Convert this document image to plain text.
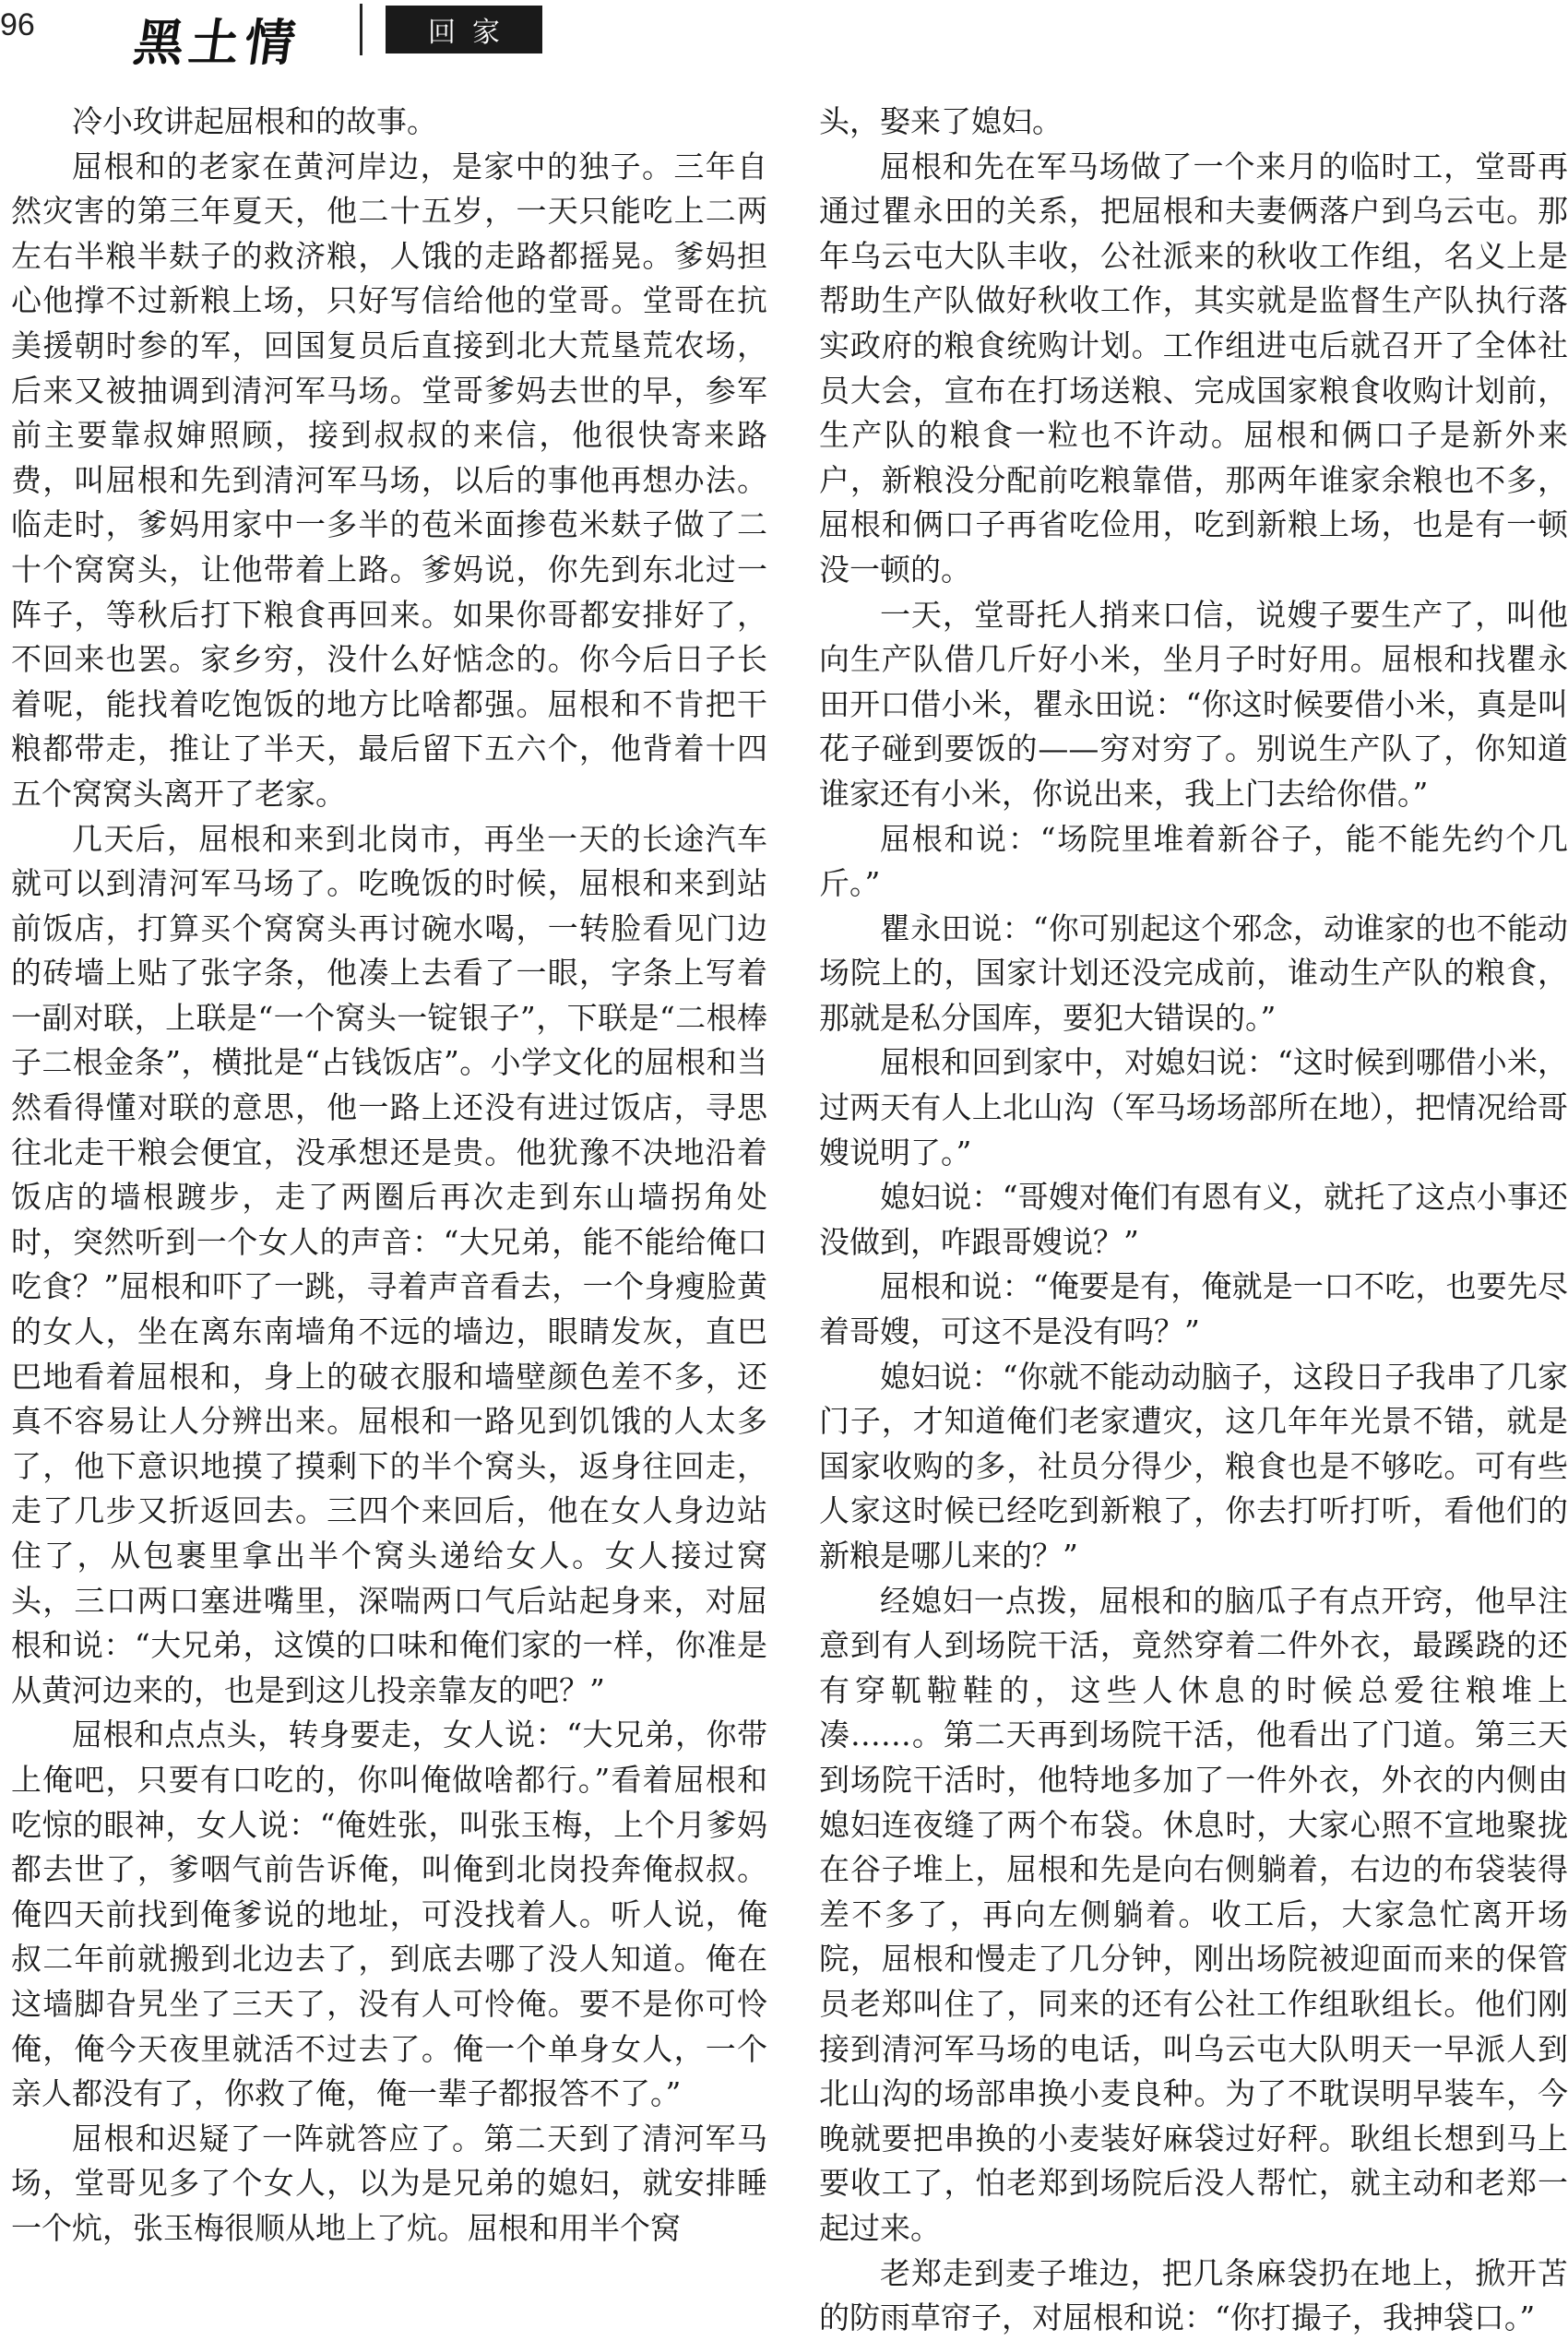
96 黑土情	回家

冷小玫讲起屈根和的故事。

屈根和的老家在黄河岸边，是家中的独子。三年自然灾害的第三年夏天，他二十五岁，一天只能吃上二两左右半粮半麸子的救济粮，人饿的走路都摇晃。爹妈担心他撑不过新粮上场，只好写信给他的堂哥。堂哥在抗美援朝时参的军，回国复员后直接到北大荒垦荒农场，后来又被抽调到清河军马场。堂哥爹妈去世的早，参军前主要靠叔婶照顾，接到叔叔的来信，他很快寄来路费，叫屈根和先到清河军马场，以后的事他再想办法。临走时，爹妈用家中一多半的苞米面掺苞米麸子做了二十个窝窝头，让他带着上路。爹妈说，你先到东北过一阵子，等秋后打下粮食再回来。如果你哥都安排好了，不回来也罢。家乡穷，没什么好惦念的。你今后日子长着呢，能找着吃饱饭的地方比啥都强。屈根和不肯把干粮都带走，推让了半天，最后留下五六个，他背着十四五个窝窝头离开了老家。

几天后，屈根和来到北岗市，再坐一天的长途汽车就可以到清河军马场了。吃晚饭的时候，屈根和来到站前饭店，打算买个窝窝头再讨碗水喝，一转脸看见门边的砖墙上贴了张字条，他凑上去看了一眼，字条上写着一副对联，上联是“一个窝头一锭银子”，下联是“二根棒子二根金条”，横批是“占钱饭店”。小学文化的屈根和当然看得懂对联的意思，他一路上还没有进过饭店，寻思往北走干粮会便宜，没承想还是贵。他犹豫不决地沿着饭店的墙根踱步，走了两圈后再次走到东山墙拐角处时，突然听到一个女人的声音：“大兄弟，能不能给俺口吃食？”屈根和吓了一跳，寻着声音看去，一个身瘦脸黄的女人，坐在离东南墙角不远的墙边，眼睛发灰，直巴巴地看着屈根和，身上的破衣服和墙壁颜色差不多，还真不容易让人分辨出来。屈根和一路见到饥饿的人太多了，他下意识地摸了摸剩下的半个窝头，返身往回走，走了几步又折返回去。三四个来回后，他在女人身边站住了，从包裹里拿出半个窝头递给女人。女人接过窝头，三口两口塞进嘴里，深喘两口气后站起身来，对屈根和说：“大兄弟，这馍的口味和俺们家的一样，你准是从黄河边来的，也是到这儿投亲靠友的吧？”

屈根和点点头，转身要走，女人说：“大兄弟，你带上俺吧，只要有口吃的，你叫俺做啥都行。”看着屈根和吃惊的眼神，女人说：“俺姓张，叫张玉梅，上个月爹妈都去世了，爹咽气前告诉俺，叫俺到北岗投奔俺叔叔。俺四天前找到俺爹说的地址，可没找着人。听人说，俺叔二年前就搬到北边去了，到底去哪了没人知道。俺在这墙脚旮旯坐了三天了，没有人可怜俺。要不是你可怜俺，俺今天夜里就活不过去了。俺一个单身女人，一个亲人都没有了，你救了俺，俺一辈子都报答不了。”

屈根和迟疑了一阵就答应了。第二天到了清河军马场，堂哥见多了个女人，以为是兄弟的媳妇，就安排睡一个炕，张玉梅很顺从地上了炕。屈根和用半个窝

头，娶来了媳妇。

屈根和先在军马场做了一个来月的临时工，堂哥再通过瞿永田的关系，把屈根和夫妻俩落户到乌云屯。那年乌云屯大队丰收，公社派来的秋收工作组，名义上是帮助生产队做好秋收工作，其实就是监督生产队执行落实政府的粮食统购计划。工作组进屯后就召开了全体社员大会，宣布在打场送粮、完成国家粮食收购计划前，生产队的粮食一粒也不许动。屈根和俩口子是新外来户，新粮没分配前吃粮靠借，那两年谁家余粮也不多，屈根和俩口子再省吃俭用，吃到新粮上场，也是有一顿没一顿的。

一天，堂哥托人捎来口信，说嫂子要生产了，叫他向生产队借几斤好小米，坐月子时好用。屈根和找瞿永田开口借小米，瞿永田说：“你这时候要借小米，真是叫花子碰到要饭的——穷对穷了。别说生产队了，你知道谁家还有小米，你说出来，我上门去给你借。”

屈根和说：“场院里堆着新谷子，能不能先约个几斤。”

瞿永田说：“你可别起这个邪念，动谁家的也不能动场院上的，国家计划还没完成前，谁动生产队的粮食，那就是私分国库，要犯大错误的。”

屈根和回到家中，对媳妇说：“这时候到哪借小米，过两天有人上北山沟（军马场场部所在地），把情况给哥嫂说明了。”

媳妇说：“哥嫂对俺们有恩有义，就托了这点小事还没做到，咋跟哥嫂说？”

屈根和说：“俺要是有，俺就是一口不吃，也要先尽着哥嫂，可这不是没有吗？”

媳妇说：“你就不能动动脑子，这段日子我串了几家门子，才知道俺们老家遭灾，这几年年光景不错，就是国家收购的多，社员分得少，粮食也是不够吃。可有些人家这时候已经吃到新粮了，你去打听打听，看他们的新粮是哪儿来的？”

经媳妇一点拨，屈根和的脑瓜子有点开窍，他早注意到有人到场院干活，竟然穿着二件外衣，最蹊跷的还有穿靰鞡鞋的，这些人休息的时候总爱往粮堆上凑……。第二天再到场院干活，他看出了门道。第三天到场院干活时，他特地多加了一件外衣，外衣的内侧由媳妇连夜缝了两个布袋。休息时，大家心照不宣地聚拢在谷子堆上，屈根和先是向右侧躺着，右边的布袋装得差不多了，再向左侧躺着。收工后，大家急忙离开场院，屈根和慢走了几分钟，刚出场院被迎面而来的保管员老郑叫住了，同来的还有公社工作组耿组长。他们刚接到清河军马场的电话，叫乌云屯大队明天一早派人到北山沟的场部串换小麦良种。为了不耽误明早装车，今晚就要把串换的小麦装好麻袋过好秤。耿组长想到马上要收工了，怕老郑到场院后没人帮忙，就主动和老郑一起过来。

老郑走到麦子堆边，把几条麻袋扔在地上，掀开苫的防雨草帘子，对屈根和说：“你打撮子，我抻袋口。”
